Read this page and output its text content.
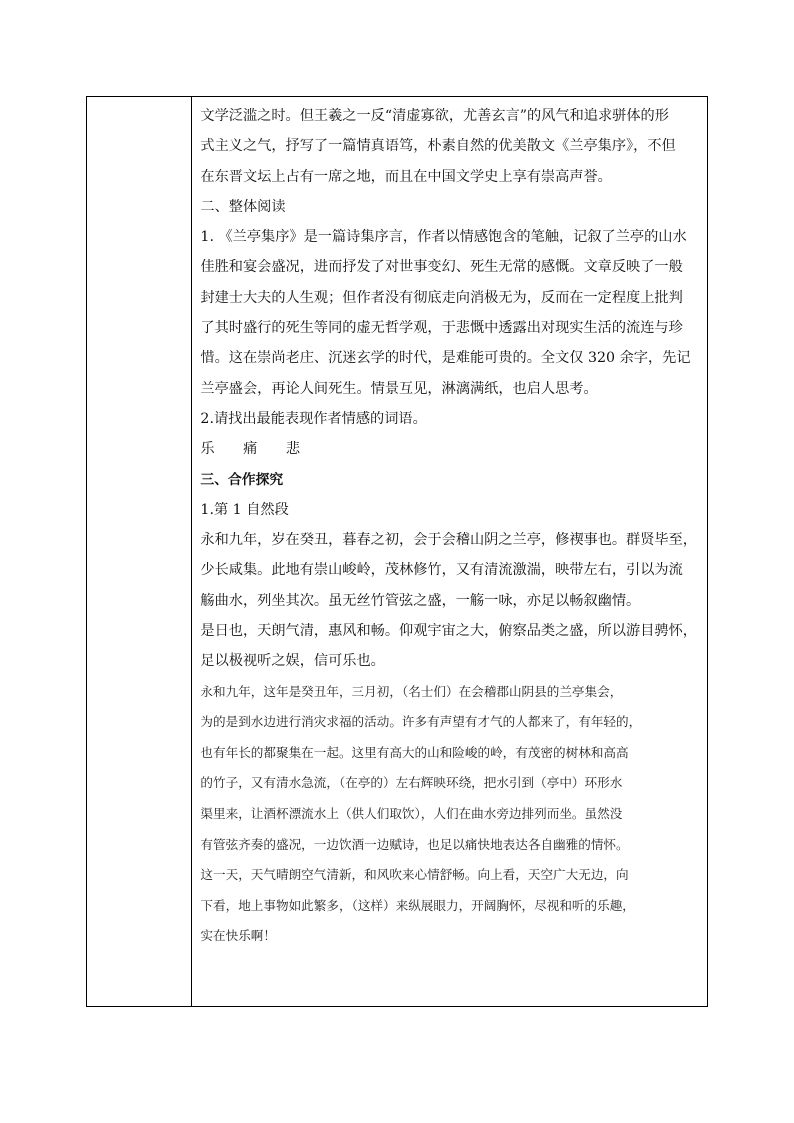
文学泛滥之时。但王羲之一反“清虚寡欲，尤善玄言”的风气和追求骈体的形

式主义之气，抒写了一篇情真语笃，朴素自然的优美散文《兰亭集序》，不但

在东晋文坛上占有一席之地，而且在中国文学史上享有崇高声誉。

二、整体阅读

1. 《兰亭集序》是一篇诗集序言，作者以情感饱含的笔触，记叙了兰亭的山水

佳胜和宴会盛况，进而抒发了对世事变幻、死生无常的感慨。文章反映了一般

封建士大夫的人生观；但作者没有彻底走向消极无为，反而在一定程度上批判

了其时盛行的死生等同的虚无哲学观，于悲慨中透露出对现实生活的流连与珍

惜。这在崇尚老庄、沉迷玄学的时代，是难能可贵的。全文仅 320 余字，先记

兰亭盛会，再论人间死生。情景互见，淋漓满纸，也启人思考。

2.请找出最能表现作者情感的词语。

乐 痛 悲

三、合作探究

1.第 1 自然段

永和九年，岁在癸丑，暮春之初，会于会稽山阴之兰亭，修禊事也。群贤毕至，

少长咸集。此地有崇山峻岭，茂林修竹，又有清流激湍，映带左右，引以为流

觞曲水，列坐其次。虽无丝竹管弦之盛，一觞一咏，亦足以畅叙幽情。

是日也，天朗气清，惠风和畅。仰观宇宙之大，俯察品类之盛，所以游目骋怀，

足以极视听之娱，信可乐也。

永和九年，这年是癸丑年，三月初，（名士们）在会稽郡山阴县的兰亭集会，

为的是到水边进行消灾求福的活动。许多有声望有才气的人都来了，有年轻的，

也有年长的都聚集在一起。这里有高大的山和险峻的岭，有茂密的树林和高高

的竹子，又有清水急流，（在亭的）左右辉映环绕，把水引到（亭中）环形水

渠里来，让酒杯漂流水上（供人们取饮），人们在曲水旁边排列而坐。虽然没

有管弦齐奏的盛况，一边饮酒一边赋诗，也足以痛快地表达各自幽雅的情怀。

这一天，天气晴朗空气清新，和风吹来心情舒畅。向上看，天空广大无边，向

下看，地上事物如此繁多，（这样）来纵展眼力，开阔胸怀，尽视和听的乐趣，

实在快乐啊！
